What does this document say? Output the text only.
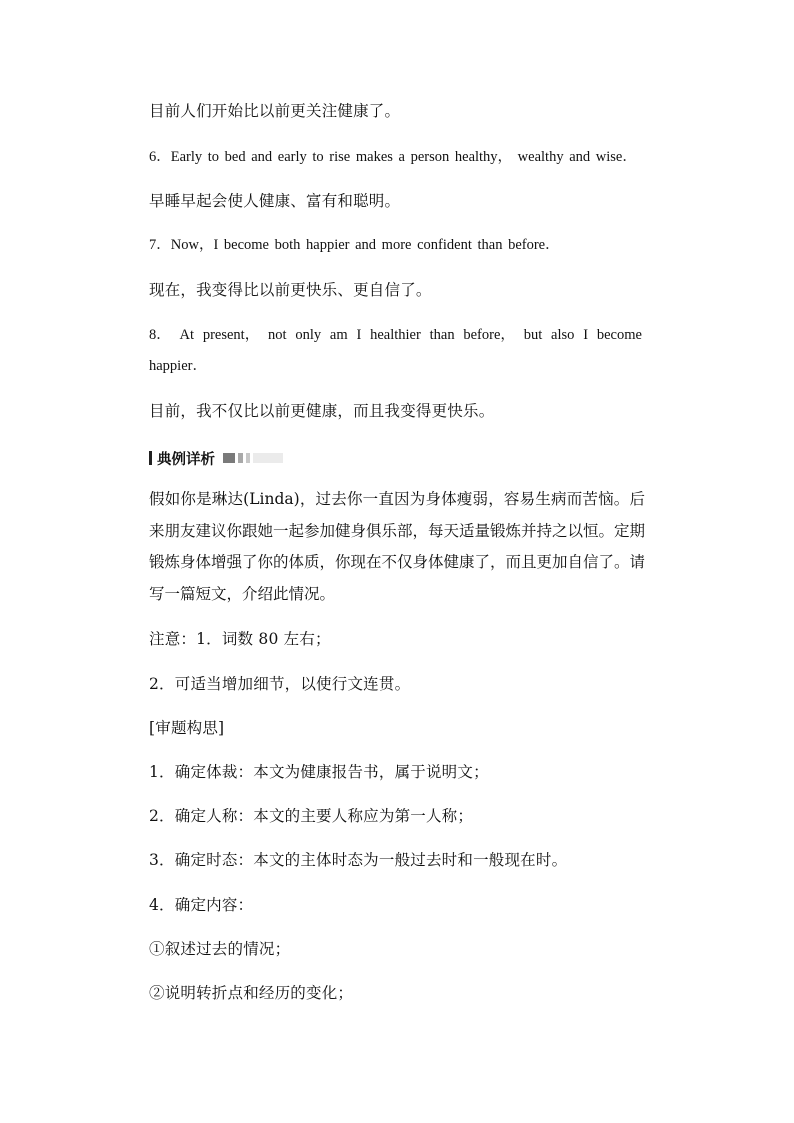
目前人们开始比以前更关注健康了。
6．Early to bed and early to rise makes a person healthy， wealthy and wise．
早睡早起会使人健康、富有和聪明。
7．Now，I become both happier and more confident than before．
现在，我变得比以前更快乐、更自信了。
8． At present， not only am I healthier than before， but also I become
happier．
目前，我不仅比以前更健康，而且我变得更快乐。
典例详析
假如你是琳达(Linda)，过去你一直因为身体瘦弱，容易生病而苦恼。后来朋友建议你跟她一起参加健身俱乐部，每天适量锻炼并持之以恒。定期锻炼身体增强了你的体质，你现在不仅身体健康了，而且更加自信了。请写一篇短文，介绍此情况。
注意：1．词数 80 左右；
2．可适当增加细节，以使行文连贯。
[审题构思]
1．确定体裁：本文为健康报告书，属于说明文；
2．确定人称：本文的主要人称应为第一人称；
3．确定时态：本文的主体时态为一般过去时和一般现在时。
4．确定内容：
①叙述过去的情况；
②说明转折点和经历的变化；
